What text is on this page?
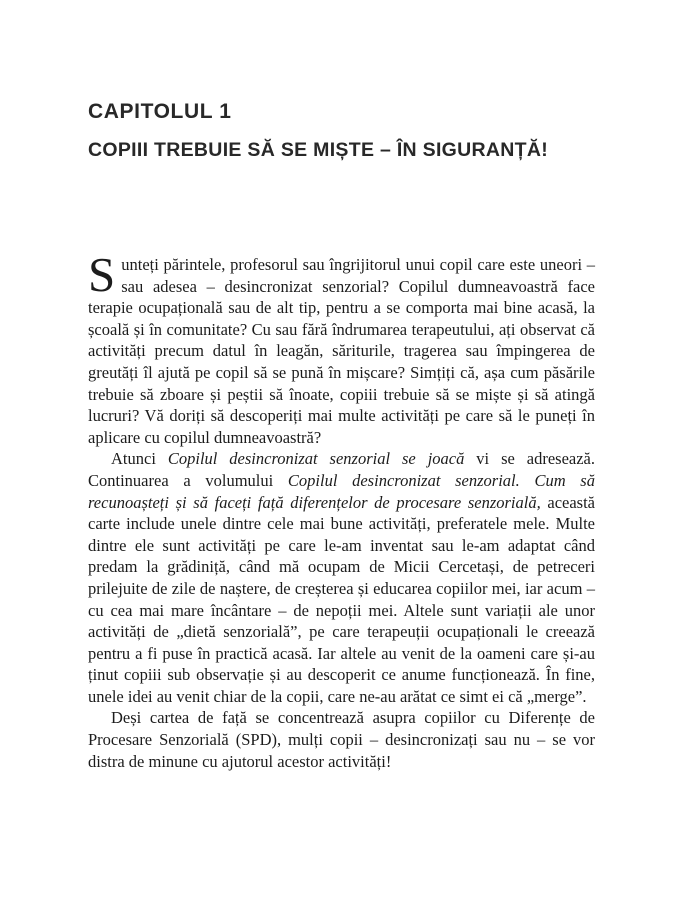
CAPITOLUL 1
COPIII TREBUIE SĂ SE MIȘTE – ÎN SIGURANȚĂ!

Sunteți părintele, profesorul sau îngrijitorul unui copil care este uneori – sau adesea – desincronizat senzorial? Copilul dumneavoastră face terapie ocupațională sau de alt tip, pentru a se comporta mai bine acasă, la școală și în comunitate? Cu sau fără îndrumarea terapeutului, ați observat că activități precum datul în leagăn, săriturile, tragerea sau împingerea de greutăți îl ajută pe copil să se pună în mișcare? Simțiți că, așa cum păsările trebuie să zboare și peștii să înoate, copiii trebuie să se miște și să atingă lucruri? Vă doriți să descoperiți mai multe activități pe care să le puneți în aplicare cu copilul dumneavoastră?

Atunci Copilul desincronizat senzorial se joacă vi se adresează. Continuarea a volumului Copilul desincronizat senzorial. Cum să recunoașteți și să faceți față diferențelor de procesare senzorială, această carte include unele dintre cele mai bune activități, preferatele mele. Multe dintre ele sunt activități pe care le-am inventat sau le-am adaptat când predam la grădiniță, când mă ocupam de Micii Cercetași, de petreceri prilejuite de zile de naștere, de creșterea și educarea copiilor mei, iar acum – cu cea mai mare încântare – de nepoții mei. Altele sunt variații ale unor activități de „dietă senzorială”, pe care terapeuții ocupaționali le creează pentru a fi puse în practică acasă. Iar altele au venit de la oameni care și-au ținut copiii sub observație și au descoperit ce anume funcționează. În fine, unele idei au venit chiar de la copii, care ne-au arătat ce simt ei că „merge”.

Deși cartea de față se concentrează asupra copiilor cu Diferențe de Procesare Senzorială (SPD), mulți copii – desincronizați sau nu – se vor distra de minune cu ajutorul acestor activități!
